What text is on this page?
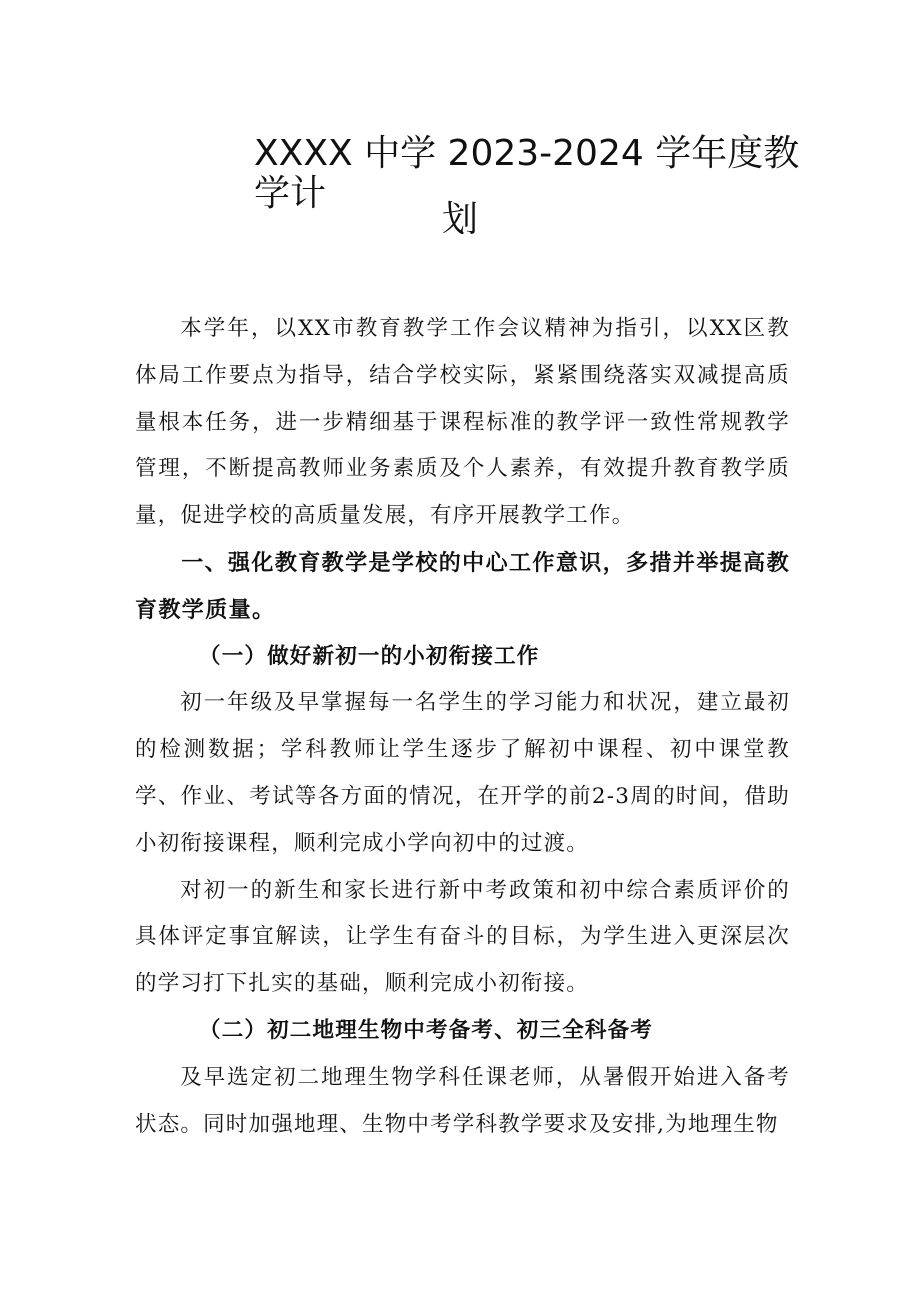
XXXX 中学 2023-2024 学年度教学计
划

本学年，以XX市教育教学工作会议精神为指引，以XX区教体局工作要点为指导，结合学校实际，紧紧围绕落实双减提高质量根本任务，进一步精细基于课程标准的教学评一致性常规教学管理，不断提高教师业务素质及个人素养，有效提升教育教学质量，促进学校的高质量发展，有序开展教学工作。

一、强化教育教学是学校的中心工作意识，多措并举提高教育教学质量。

（一）做好新初一的小初衔接工作

初一年级及早掌握每一名学生的学习能力和状况，建立最初的检测数据；学科教师让学生逐步了解初中课程、初中课堂教学、作业、考试等各方面的情况，在开学的前2-3周的时间，借助小初衔接课程，顺利完成小学向初中的过渡。

对初一的新生和家长进行新中考政策和初中综合素质评价的具体评定事宜解读，让学生有奋斗的目标，为学生进入更深层次的学习打下扎实的基础，顺利完成小初衔接。

（二）初二地理生物中考备考、初三全科备考

及早选定初二地理生物学科任课老师，从暑假开始进入备考状态。同时加强地理、生物中考学科教学要求及安排,为地理生物
